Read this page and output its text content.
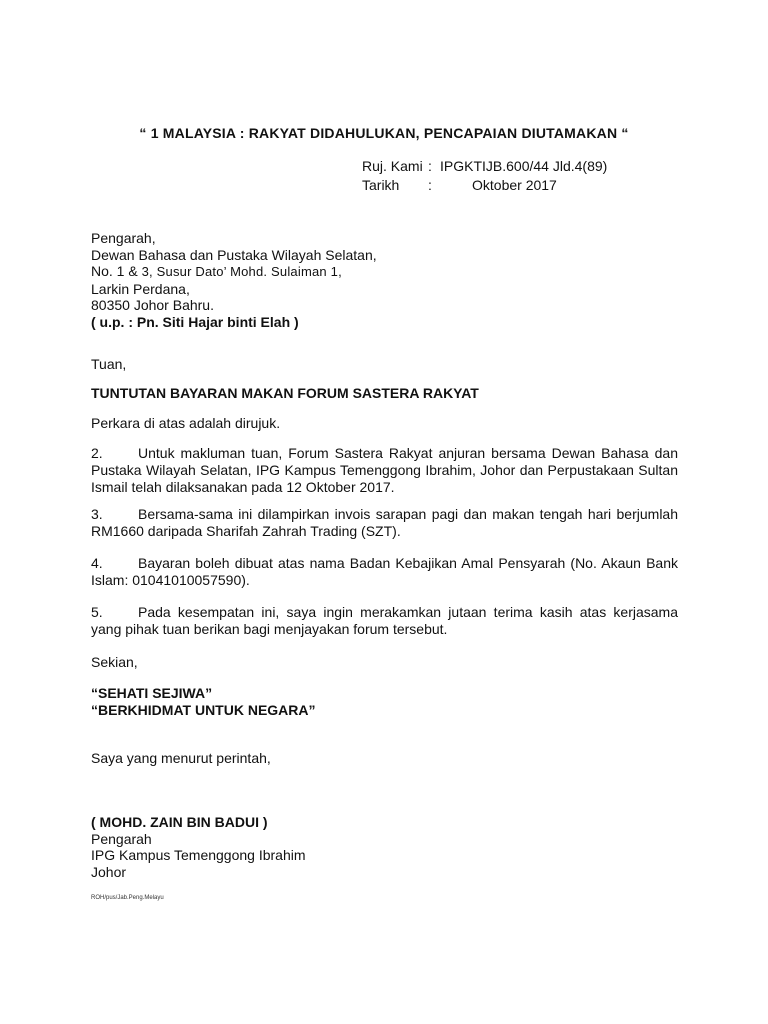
“ 1 MALAYSIA : RAKYAT DIDAHULUKAN, PENCAPAIAN DIUTAMAKAN “
Ruj. Kami : IPGKTIJB.600/44 Jld.4(89)
Tarikh	:	Oktober 2017
Pengarah,
Dewan Bahasa dan Pustaka Wilayah Selatan,
No. 1 & 3, Susur Dato’ Mohd. Sulaiman 1,
Larkin Perdana,
80350 Johor Bahru.
( u.p. : Pn. Siti Hajar binti Elah )
Tuan,
TUNTUTAN BAYARAN MAKAN FORUM SASTERA RAKYAT
Perkara di atas adalah dirujuk.
2.	Untuk makluman tuan, Forum Sastera Rakyat anjuran bersama Dewan Bahasa dan Pustaka Wilayah Selatan, IPG Kampus Temenggong Ibrahim, Johor dan Perpustakaan Sultan Ismail telah dilaksanakan pada 12 Oktober 2017.
3.	Bersama-sama ini dilampirkan invois sarapan pagi dan makan tengah hari berjumlah RM1660 daripada Sharifah Zahrah Trading (SZT).
4.	Bayaran boleh dibuat atas nama Badan Kebajikan Amal Pensyarah (No. Akaun Bank Islam: 01041010057590).
5.	Pada kesempatan ini, saya ingin merakamkan jutaan terima kasih atas kerjasama yang pihak tuan berikan bagi menjayakan forum tersebut.
Sekian,
“SEHATI SEJIWA”
“BERKHIDMAT UNTUK NEGARA”
Saya yang menurut perintah,
( MOHD. ZAIN BIN BADUI )
Pengarah
IPG Kampus Temenggong Ibrahim
Johor
ROH/pus/Jab.Peng.Melayu
